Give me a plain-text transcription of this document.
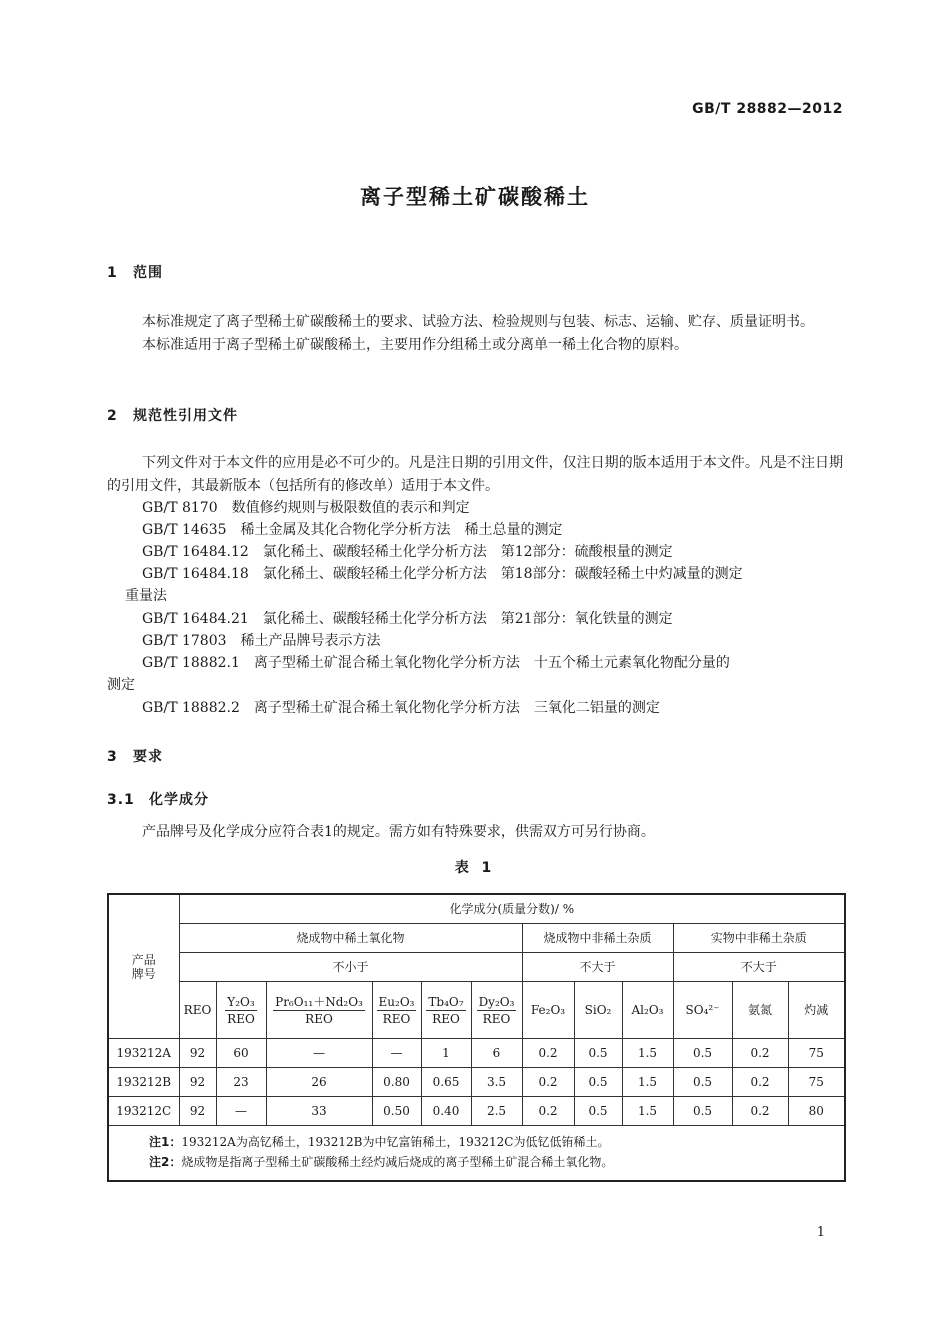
GB/T 28882—2012
离子型稀土矿碳酸稀土
1 范围

本标准规定了离子型稀土矿碳酸稀土的要求、试验方法、检验规则与包装、标志、运输、贮存、质量证明书。

本标准适用于离子型稀土矿碳酸稀土，主要用作分组稀土或分离单一稀土化合物的原料。

2 规范性引用文件

下列文件对于本文件的应用是必不可少的。凡是注日期的引用文件，仅注日期的版本适用于本文件。凡是不注日期的引用文件，其最新版本（包括所有的修改单）适用于本文件。

GB/T 8170 数值修约规则与极限数值的表示和判定
GB/T 14635 稀土金属及其化合物化学分析方法　稀土总量的测定
GB/T 16484.12 氯化稀土、碳酸轻稀土化学分析方法　第12部分：硫酸根量的测定
GB/T 16484.18 氯化稀土、碳酸轻稀土化学分析方法　第18部分：碳酸轻稀土中灼减量的测定
重量法
GB/T 16484.21 氯化稀土、碳酸轻稀土化学分析方法　第21部分：氧化铁量的测定
GB/T 17803 稀土产品牌号表示方法
GB/T 18882.1 离子型稀土矿混合稀土氧化物化学分析方法　十五个稀土元素氧化物配分量的
测定
GB/T 18882.2 离子型稀土矿混合稀土氧化物化学分析方法　三氧化二铝量的测定
3 要求
3.1 化学成分

产品牌号及化学成分应符合表1的规定。需方如有特殊要求，供需双方可另行协商。

表 1
产品
牌号	化学成分(质量分数)/ %											
	烧成物中稀土氧化物						烧成物中非稀土杂质			实物中非稀土杂质		
	不小于						不大于			不大于		
	REO	$\frac{\text{Y₂O₃}}{\text{REO}}$	$\frac{\text{Pr₆O₁₁＋Nd₂O₃}}{\text{REO}}$	$\frac{\text{Eu₂O₃}}{\text{REO}}$	$\frac{\text{Tb₄O₇}}{\text{REO}}$	$\frac{\text{Dy₂O₃}}{\text{REO}}$	Fe₂O₃	SiO₂	Al₂O₃	SO₄²⁻	氨氮	灼减
193212A	92	60	—	—	1	6	0.2	0.5	1.5	0.5	0.2	75
193212B	92	23	26	0.80	0.65	3.5	0.2	0.5	1.5	0.5	0.2	75
193212C	92	—	33	0.50	0.40	2.5	0.2	0.5	1.5	0.5	0.2	80

注1：193212A为高钇稀土，193212B为中钇富铕稀土，193212C为低钇低铕稀土。
注2：烧成物是指离子型稀土矿碳酸稀土经灼减后烧成的离子型稀土矿混合稀土氧化物。												
1
